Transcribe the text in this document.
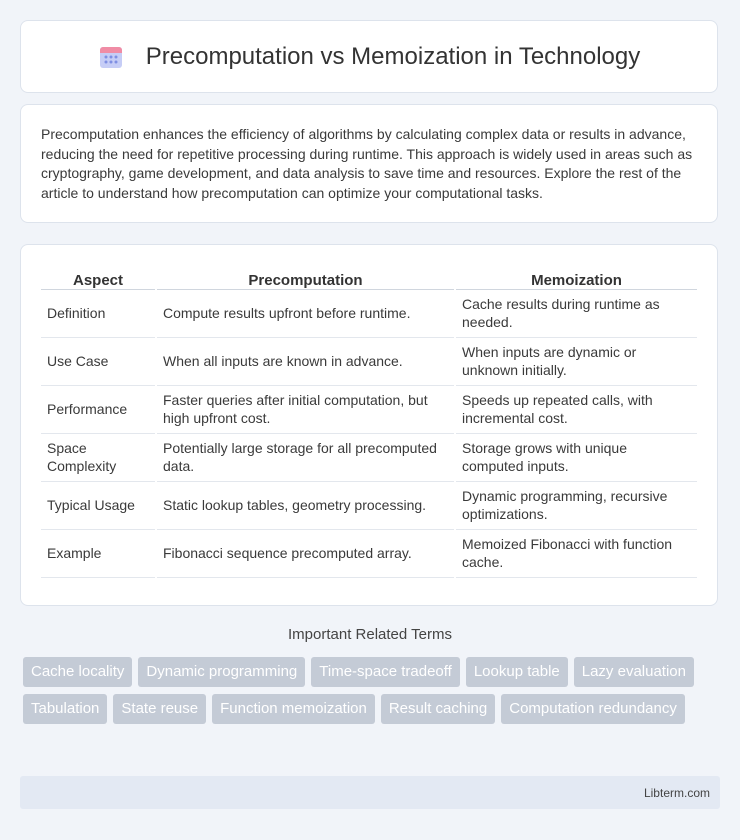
Precomputation vs Memoization in Technology

Precomputation enhances the efficiency of algorithms by calculating complex data or results in advance, reducing the need for repetitive processing during runtime. This approach is widely used in areas such as cryptography, game development, and data analysis to save time and resources. Explore the rest of the article to understand how precomputation can optimize your computational tasks.

Aspect	Precomputation	Memoization
Definition	Compute results upfront before runtime.	Cache results during runtime as needed.
Use Case	When all inputs are known in advance.	When inputs are dynamic or unknown initially.
Performance	Faster queries after initial computation, but high upfront cost.	Speeds up repeated calls, with incremental cost.
Space Complexity	Potentially large storage for all precomputed data.	Storage grows with unique computed inputs.
Typical Usage	Static lookup tables, geometry processing.	Dynamic programming, recursive optimizations.
Example	Fibonacci sequence precomputed array.	Memoized Fibonacci with function cache.
Important Related Terms
Cache locality	Dynamic programming	Time-space tradeoff	Lookup table	Lazy evaluation
Tabulation	State reuse	Function memoization	Result caching	Computation redundancy
Libterm.com
